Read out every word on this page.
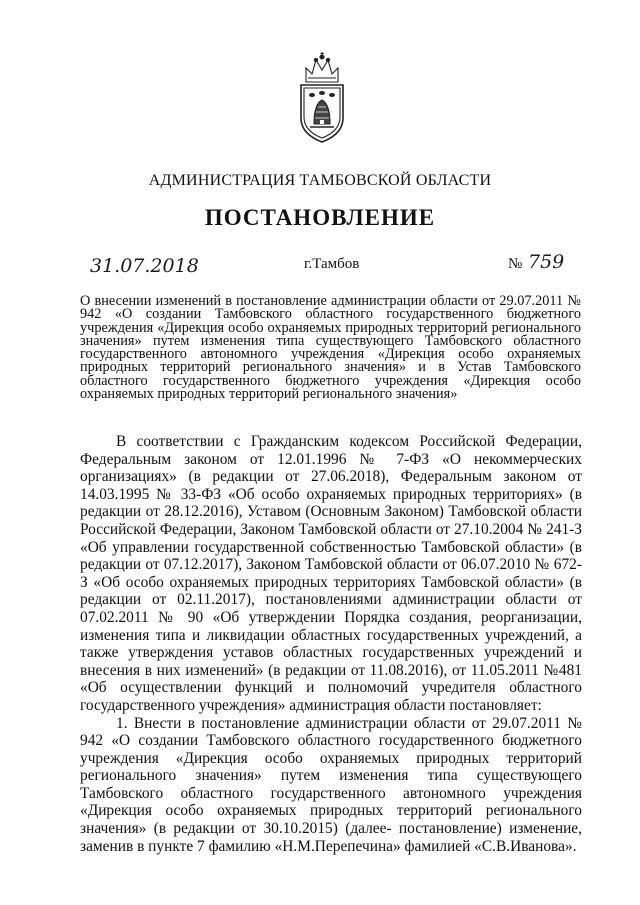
АДМИНИСТРАЦИЯ ТАМБОВСКОЙ ОБЛАСТИ
ПОСТАНОВЛЕНИЕ
31.07.2018	г.Тамбов	№ 759

О внесении изменений в постановление администрации области от 29.07.2011 № 942 «О создании Тамбовского областного государственного бюджетного учреждения «Дирекция особо охраняемых природных территорий регионального значения» путем изменения типа существующего Тамбовского областного государственного автономного учреждения «Дирекция особо охраняемых природных территорий регионального значения» и в Устав Тамбовского областного государственного бюджетного учреждения «Дирекция особо охраняемых природных территорий регионального значения»

В соответствии с Гражданским кодексом Российской Федерации, Федеральным законом от 12.01.1996 № 7-ФЗ «О некоммерческих организациях» (в редакции от 27.06.2018), Федеральным законом от 14.03.1995 № 33-ФЗ «Об особо охраняемых природных территориях» (в редакции от 28.12.2016), Уставом (Основным Законом) Тамбовской области Российской Федерации, Законом Тамбовской области от 27.10.2004 № 241-З «Об управлении государственной собственностью Тамбовской области» (в редакции от 07.12.2017), Законом Тамбовской области от 06.07.2010 № 672-З «Об особо охраняемых природных территориях Тамбовской области» (в редакции от 02.11.2017), постановлениями администрации области от 07.02.2011 № 90 «Об утверждении Порядка создания, реорганизации, изменения типа и ликвидации областных государственных учреждений, а также утверждения уставов областных государственных учреждений и внесения в них изменений» (в редакции от 11.08.2016), от 11.05.2011 №481 «Об осуществлении функций и полномочий учредителя областного государственного учреждения» администрация области постановляет:

1. Внести в постановление администрации области от 29.07.2011 № 942 «О создании Тамбовского областного государственного бюджетного учреждения «Дирекция особо охраняемых природных территорий регионального значения» путем изменения типа существующего Тамбовского областного государственного автономного учреждения «Дирекция особо охраняемых природных территорий регионального значения» (в редакции от 30.10.2015) (далее- постановление) изменение, заменив в пункте 7 фамилию «Н.М.Перепечина» фамилией «С.В.Иванова».
